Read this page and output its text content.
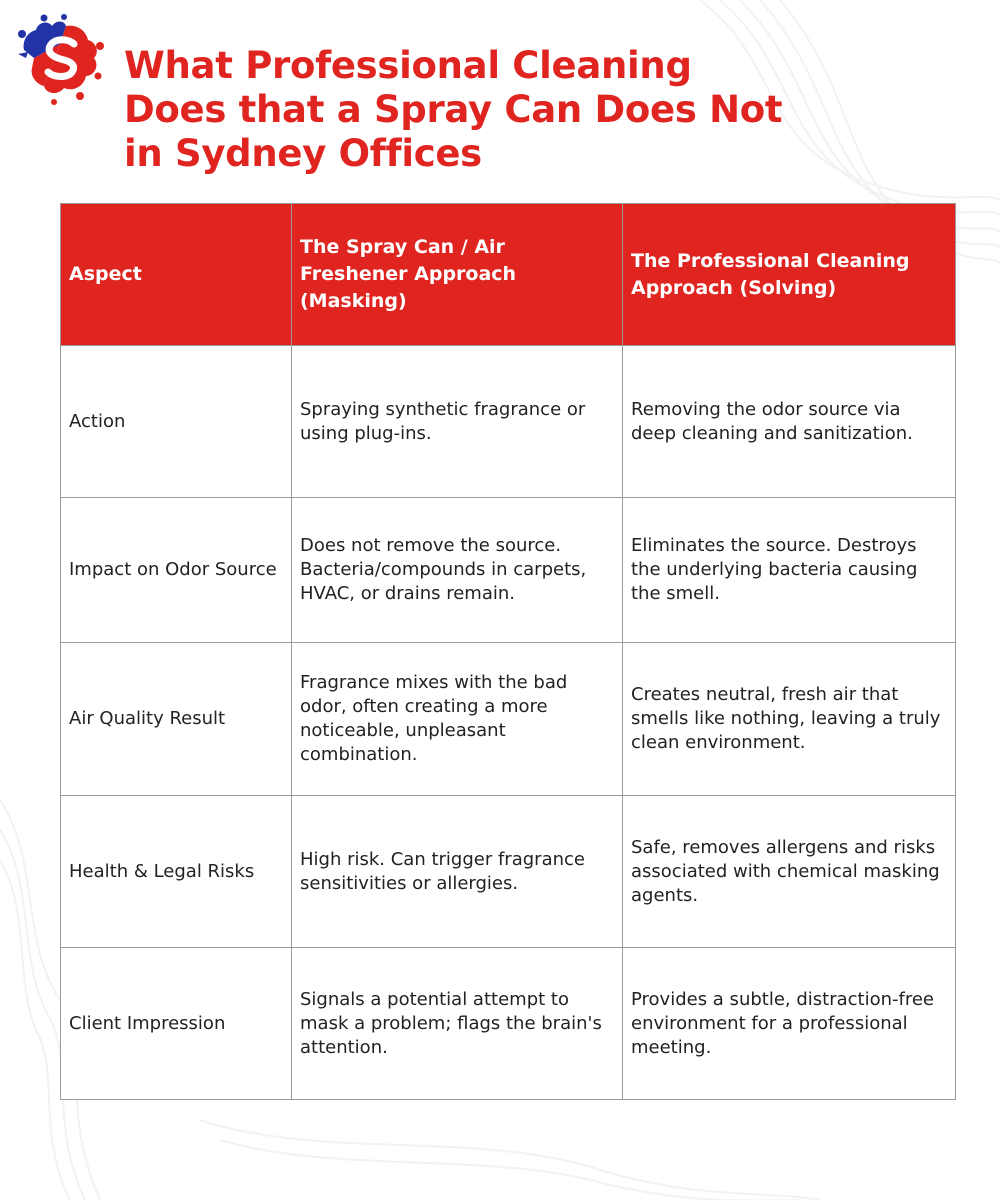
What Professional Cleaning
Does that a Spray Can Does Not
in Sydney Offices
Aspect	The Spray Can / Air Freshener Approach (Masking)	The Professional Cleaning Approach (Solving)
Action	Spraying synthetic fragrance or using plug-ins.	Removing the odor source via deep cleaning and sanitization.
Impact on Odor Source	Does not remove the source. Bacteria/compounds in carpets, HVAC, or drains remain.	Eliminates the source. Destroys the underlying bacteria causing the smell.
Air Quality Result	Fragrance mixes with the bad odor, often creating a more noticeable, unpleasant combination.	Creates neutral, fresh air that smells like nothing, leaving a truly clean environment.
Health & Legal Risks	High risk. Can trigger fragrance sensitivities or allergies.	Safe, removes allergens and risks associated with chemical masking agents.
Client Impression	Signals a potential attempt to mask a problem; flags the brain's attention.	Provides a subtle, distraction-free environment for a professional meeting.
